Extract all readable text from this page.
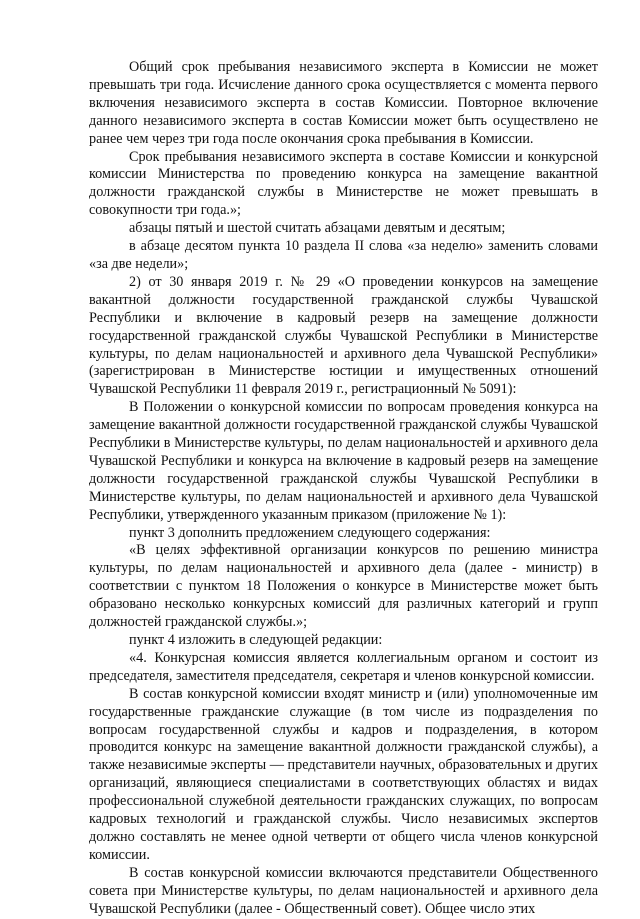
Общий срок пребывания независимого эксперта в Комиссии не может превышать три года. Исчисление данного срока осуществляется с момента первого включения независимого эксперта в состав Комиссии. Повторное включение данного независимого эксперта в состав Комиссии может быть осуществлено не ранее чем через три года после окончания срока пребывания в Комиссии.

Срок пребывания независимого эксперта в составе Комиссии и конкурсной комиссии Министерства по проведению конкурса на замещение вакантной должности гражданской службы в Министерстве не может превышать в совокупности три года.»;

абзацы пятый и шестой считать абзацами девятым и десятым;

в абзаце десятом пункта 10 раздела II слова «за неделю» заменить словами «за две недели»;

2) от 30 января 2019 г. № 29 «О проведении конкурсов на замещение вакантной должности государственной гражданской службы Чувашской Республики и включение в кадровый резерв на замещение должности государственной гражданской службы Чувашской Республики в Министерстве культуры, по делам национальностей и архивного дела Чувашской Республики» (зарегистрирован в Министерстве юстиции и имущественных отношений Чувашской Республики 11 февраля 2019 г., регистрационный № 5091):

В Положении о конкурсной комиссии по вопросам проведения конкурса на замещение вакантной должности государственной гражданской службы Чувашской Республики в Министерстве культуры, по делам национальностей и архивного дела Чувашской Республики и конкурса на включение в кадровый резерв на замещение должности государственной гражданской службы Чувашской Республики в Министерстве культуры, по делам национальностей и архивного дела Чувашской Республики, утвержденного указанным приказом (приложение № 1):

пункт 3 дополнить предложением следующего содержания:

«В целях эффективной организации конкурсов по решению министра культуры, по делам национальностей и архивного дела (далее - министр) в соответствии с пунктом 18 Положения о конкурсе в Министерстве может быть образовано несколько конкурсных комиссий для различных категорий и групп должностей гражданской службы.»;

пункт 4 изложить в следующей редакции:

«4. Конкурсная комиссия является коллегиальным органом и состоит из председателя, заместителя председателя, секретаря и членов конкурсной комиссии.

В состав конкурсной комиссии входят министр и (или) уполномоченные им государственные гражданские служащие (в том числе из подразделения по вопросам государственной службы и кадров и подразделения, в котором проводится конкурс на замещение вакантной должности гражданской службы), а также независимые эксперты — представители научных, образовательных и других организаций, являющиеся специалистами в соответствующих областях и видах профессиональной служебной деятельности гражданских служащих, по вопросам кадровых технологий и гражданской службы. Число независимых экспертов должно составлять не менее одной четверти от общего числа членов конкурсной комиссии.

В состав конкурсной комиссии включаются представители Общественного совета при Министерстве культуры, по делам национальностей и архивного дела Чувашской Республики (далее - Общественный совет). Общее число этих
